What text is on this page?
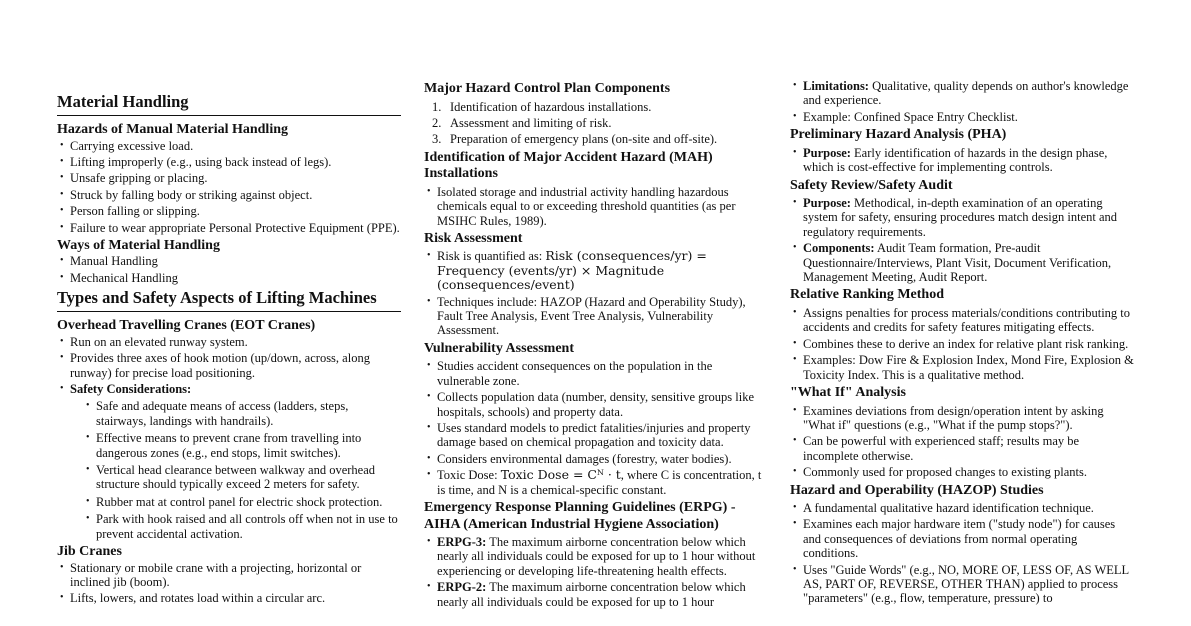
Material Handling
Hazards of Manual Material Handling
• Carrying excessive load.
• Lifting improperly (e.g., using back instead of legs).
• Unsafe gripping or placing.
• Struck by falling body or striking against object.
• Person falling or slipping.
• Failure to wear appropriate Personal Protective Equipment (PPE).
Ways of Material Handling
• Manual Handling
• Mechanical Handling
Types and Safety Aspects of Lifting Machines
Overhead Travelling Cranes (EOT Cranes)
• Run on an elevated runway system.
• Provides three axes of hook motion (up/down, across, along runway) for precise load positioning.
• Safety Considerations:
• Safe and adequate means of access (ladders, steps, stairways, landings with handrails).
• Effective means to prevent crane from travelling into dangerous zones (e.g., end stops, limit switches).
• Vertical head clearance between walkway and overhead structure should typically exceed 2 meters for safety.
• Rubber mat at control panel for electric shock protection.
• Park with hook raised and all controls off when not in use to prevent accidental activation.
Jib Cranes
• Stationary or mobile crane with a projecting, horizontal or inclined jib (boom).
• Lifts, lowers, and rotates load within a circular arc.
Major Hazard Control Plan Components
1. Identification of hazardous installations.
2. Assessment and limiting of risk.
3. Preparation of emergency plans (on-site and off-site).
Identification of Major Accident Hazard (MAH) Installations
• Isolated storage and industrial activity handling hazardous chemicals equal to or exceeding threshold quantities (as per MSIHC Rules, 1989).
Risk Assessment
• Risk is quantified as: Risk (consequences/yr) = Frequency (events/yr) × Magnitude (consequences/event)
• Techniques include: HAZOP (Hazard and Operability Study), Fault Tree Analysis, Event Tree Analysis, Vulnerability Assessment.
Vulnerability Assessment
• Studies accident consequences on the population in the vulnerable zone.
• Collects population data (number, density, sensitive groups like hospitals, schools) and property data.
• Uses standard models to predict fatalities/injuries and property damage based on chemical propagation and toxicity data.
• Considers environmental damages (forestry, water bodies).
• Toxic Dose: Toxic Dose = Cᴺ · t, where C is concentration, t is time, and N is a chemical-specific constant.
Emergency Response Planning Guidelines (ERPG) - AIHA (American Industrial Hygiene Association)
• ERPG-3: The maximum airborne concentration below which nearly all individuals could be exposed for up to 1 hour without experiencing or developing life-threatening health effects.
• ERPG-2: The maximum airborne concentration below which nearly all individuals could be exposed for up to 1 hour
• Limitations: Qualitative, quality depends on author's knowledge and experience.
• Example: Confined Space Entry Checklist.
Preliminary Hazard Analysis (PHA)
• Purpose: Early identification of hazards in the design phase, which is cost-effective for implementing controls.
Safety Review/Safety Audit
• Purpose: Methodical, in-depth examination of an operating system for safety, ensuring procedures match design intent and regulatory requirements.
• Components: Audit Team formation, Pre-audit Questionnaire/Interviews, Plant Visit, Document Verification, Management Meeting, Audit Report.
Relative Ranking Method
• Assigns penalties for process materials/conditions contributing to accidents and credits for safety features mitigating effects.
• Combines these to derive an index for relative plant risk ranking.
• Examples: Dow Fire & Explosion Index, Mond Fire, Explosion & Toxicity Index. This is a qualitative method.
"What If" Analysis
• Examines deviations from design/operation intent by asking "What if" questions (e.g., "What if the pump stops?").
• Can be powerful with experienced staff; results may be incomplete otherwise.
• Commonly used for proposed changes to existing plants.
Hazard and Operability (HAZOP) Studies
• A fundamental qualitative hazard identification technique.
• Examines each major hardware item ("study node") for causes and consequences of deviations from normal operating conditions.
• Uses "Guide Words" (e.g., NO, MORE OF, LESS OF, AS WELL AS, PART OF, REVERSE, OTHER THAN) applied to process "parameters" (e.g., flow, temperature, pressure) to
